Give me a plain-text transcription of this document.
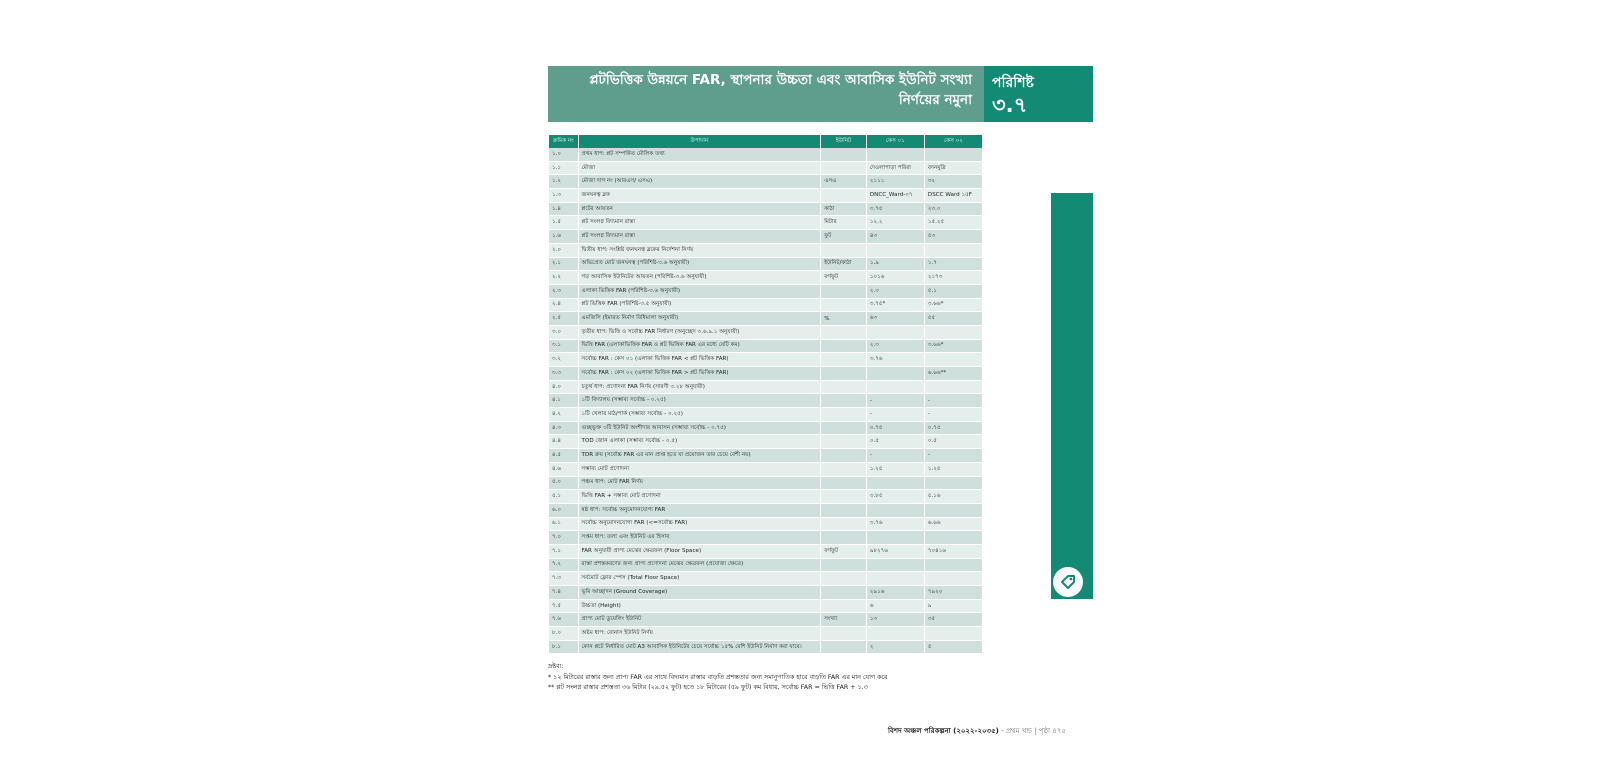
প্লটভিত্তিক উন্নয়নে FAR, স্থাপনার উচ্চতা এবং আবাসিক ইউনিট সংখ্যা
নির্ণয়ের নমুনা
পরিশিষ্ট
৩.৭
ক্রমিক নং	উপাদান	ইউনিট	কেস ০১	কেস ০২
১.০	প্রথম ধাপ: প্লট সম্পর্কিত মৌলিক তথ্য			
১.১	মৌজা		দেওলাপাড়া পরিরা	বদনমুদ্রি
১.২	মৌজা দাগ নং (আরএস/ এসএ)	এসএ	২১১১	৩২
১.৩	জনঘনত্ব ব্লক		DNCC_Ward-০৭	DSCC Ward ১৫F
১.৪	প্লটের আয়তন	কাঠা	৩.৭৫	২৩.০
১.৫	প্লট সংলগ্ন বিদ্যমান রাস্তা	মিটার	১২.২	১৫.২৫
১.৬	প্লট সংলগ্ন বিদ্যমান রাস্তা	ফুট	৪৩	৫৩
২.০	দ্বিতীয় ধাপ: সংশ্লিষ্ট জনঘনত্ব ব্লকের নির্দেশনা নির্ণয়			
২.১	অভিপ্রেত মোট জনঘনত্ব (পরিশিষ্ট-৩.৬ অনুযায়ী)	ইউনিট/কাঠা	১.৯	১.৭
২.২	গড় আবাসিক ইউনিটের আয়তন (পরিশিষ্ট-৩.৬ অনুযায়ী)	বর্গফুট	১০১৬	২১৭৩
২.৩	এলাকা ভিত্তিক FAR (পরিশিষ্ট-৩.৬ অনুযায়ী)		২.৩	৫.১
২.৪	প্লট ভিত্তিক FAR (পরিশিষ্ট-৩.৫ অনুযায়ী)		৩.৭৫*	৩.৬৬*
২.৫	এমজিসি (ইমারত নির্মাণ বিধিমালা অনুযায়ী)	%	৬৩	৫৫
৩.০	তৃতীয় ধাপ: ভিত্তি ও সর্বোচ্চ FAR নির্ধারণ (অনুচ্ছেদ ৩.৬.৯.১ অনুযায়ী)			
৩.১	ভিত্তি FAR (এলাকাভিত্তিক FAR ও প্লট ভিত্তিক FAR এর মধ্যে যেটি কম)		২.৩	৩.৬৬*
৩.২	সর্বোচ্চ FAR : কেস ০১ (এলাকা ভিত্তিক FAR < প্লট ভিত্তিক FAR)		৩.৭৬	
৩.৩	সর্বোচ্চ FAR : কেস ০২ (এলাকা ভিত্তিক FAR > প্লট ভিত্তিক FAR)			৬.৬৬**
৪.০	চতুর্থ ধাপ: প্রণোদনা FAR নির্ণয় (সারণী ৩.২৮ অনুযায়ী)			
৪.১	১টি বিদ্যালয় (সম্ভাব্য সর্বোচ্চ - ০.২৫)		-	-
৪.২	১টি খেলার মাঠ/পার্ক (সম্ভাব্য সর্বোচ্চ - ০.২৫)		-	-
৪.৩	গুচ্ছভুক্ত ৩টি ইউনিট অংশীদার আবাসন (সম্ভাব্য সর্বোচ্চ - ০.৭৫)		০.৭৫	০.৭৫
৪.৪	TOD জোন এলাকা (সম্ভাব্য সর্বোচ্চ - ০.৫)		০.৫	০.৫
৪.৫	TDR ক্রয় (সর্বোচ্চ FAR এর মান প্রাপ্ত হতে যা প্রয়োজন তার চেয়ে বেশী নয়)		-	-
৪.৬	সম্ভাব্য মোট প্রণোদনা		১.২৫	১.২৫
৫.০	পঞ্চম ধাপ: মোট FAR নির্ণয়			
৫.১	ভিত্তি FAR + সম্ভাব্য মোট প্রণোদনা		৩.৮৫	৫.১৬
৬.০	ষষ্ঠ ধাপ: সর্বোচ্চ অনুমোদনযোগ্য FAR			
৬.১	সর্বোচ্চ অনুমোদনযোগ্য FAR (<=সর্বোচ্চ FAR)		৩.৭৬	৬.৬৬
৭.০	সপ্তম ধাপ: তলা এবং ইউনিট এর হিসাব			
৭.১	FAR অনুযায়ী প্রাপ্য মেঝের ক্ষেত্রফল (Floor Space)	বর্গফুট	৯৮২৭৬	৭০৪১৬
৭.২	রাস্তা প্রশস্তকরণের জন্য প্রাপ্য প্রণোদনা মেঝের ক্ষেত্রফল (প্রযোজ্য ক্ষেত্রে)			
৭.৩	সর্বমোট ফ্লোর স্পেস (Total Floor Space)			
৭.৪	ভূমি আচ্ছাদন (Ground Coverage)		২৯১৬	৭৯২০
৭.৫	উচ্চতা (Height)		৬	৯
৭.৬	প্রাপ্য মোট ডুয়েলিং ইউনিট	সংখ্যা	১৩	৩৫
৮.০	অষ্টম ধাপ: বোনাস ইউনিট নির্ণয়			
৮.১	কোন প্লটে নির্ধারিত মোট A3 আবাসিক ইউনিটের চেয়ে সর্বোচ্চ ১৫% বেশি ইউনিট নির্মাণ করা যাবে।		২	৫
দ্রষ্টব্য:
* ১২ মিটারের রাস্তার জন্য প্রাপ্য FAR এর সাথে বিদ্যমান রাস্তার বাড়তি প্রশস্ততার জন্য সমানুপাতিক হারে বাড়তি FAR এর মান যোগ করে
** প্লট সংলগ্ন রাস্তার প্রশস্ততা ৩৬ মিটার (২৯.৫২ ফুট) হতে ১৮ মিটারের (৫৯ ফুট) কম বিধায়, সর্বোচ্চ FAR = ভিত্তি FAR + ১.৩
বিশদ অঞ্চল পরিকল্পনা (২০২২-২০৩৫) - প্রথম খন্ড | পৃষ্ঠা ৪৭৫
